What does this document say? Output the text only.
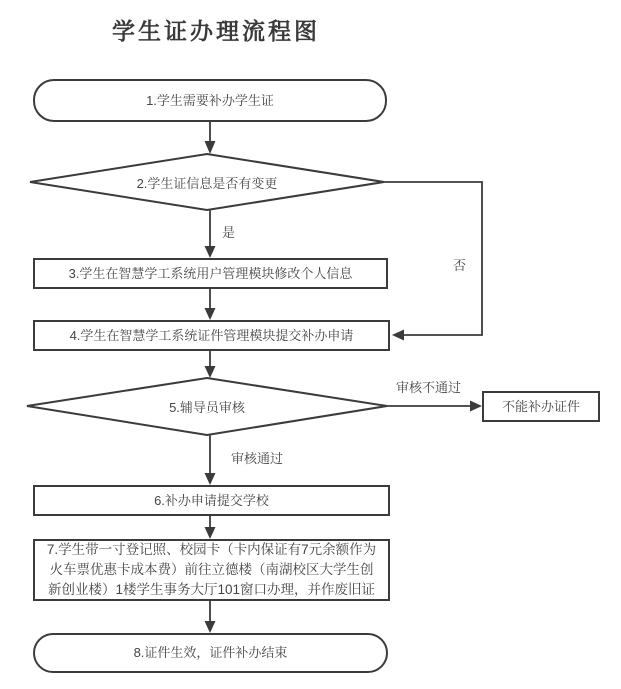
学生证办理流程图
1.学生需要补办学生证
2.学生证信息是否有变更
3.学生在智慧学工系统用户管理模块修改个人信息
4.学生在智慧学工系统证件管理模块提交补办申请
5.辅导员审核	不能补办证件
6.补办申请提交学校
7.学生带一寸登记照、校园卡（卡内保证有7元余额作为火车票优惠卡成本费）前往立德楼（南湖校区大学生创新创业楼）1楼学生事务大厅101窗口办理，并作废旧证
8.证件生效，证件补办结束
是
否
审核不通过
审核通过
